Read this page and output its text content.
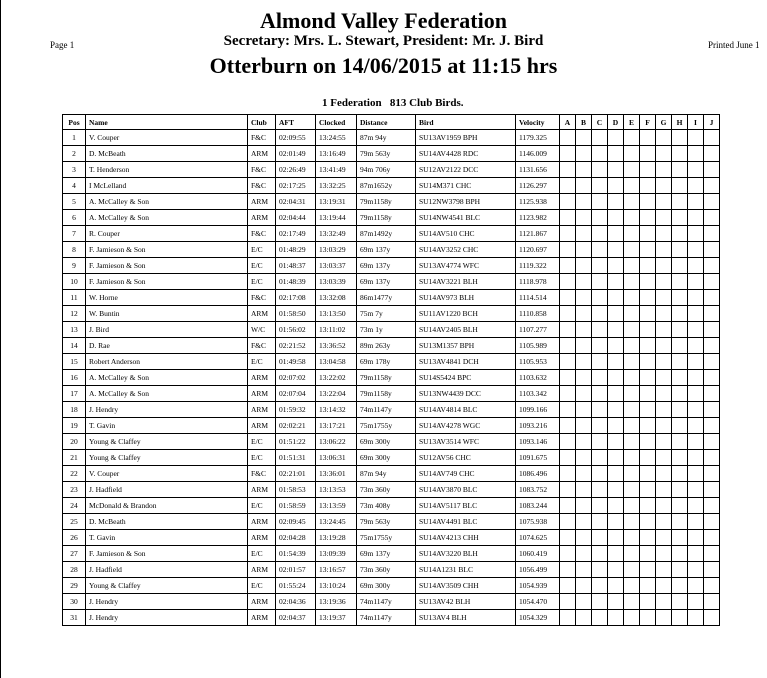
Almond Valley Federation
Secretary: Mrs. L. Stewart, President: Mr. J. Bird
Otterburn on 14/06/2015 at 11:15 hrs
Page 1	Printed June 1
1 Federation 813 Club Birds.
Pos	Name	Club	AFT	Clocked	Distance	Bird	Velocity	A	B	C	D	E	F	G	H	I	J
1	V. Couper	F&C	02:09:55	13:24:55	87m 94y	SU13AV1959 BPH	1179.325										
2	D. McBeath	ARM	02:01:49	13:16:49	79m 563y	SU14AV4428 RDC	1146.009										
3	T. Henderson	F&C	02:26:49	13:41:49	94m 706y	SU12AV2122 DCC	1131.656										
4	I McLelland	F&C	02:17:25	13:32:25	87m1652y	SU14M371 CHC	1126.297										
5	A. McCalley & Son	ARM	02:04:31	13:19:31	79m1158y	SU12NW3798 BPH	1125.938										
6	A. McCalley & Son	ARM	02:04:44	13:19:44	79m1158y	SU14NW4541 BLC	1123.982										
7	R. Couper	F&C	02:17:49	13:32:49	87m1492y	SU14AV510 CHC	1121.867										
8	F. Jamieson & Son	E/C	01:48:29	13:03:29	69m 137y	SU14AV3252 CHC	1120.697										
9	F. Jamieson & Son	E/C	01:48:37	13:03:37	69m 137y	SU13AV4774 WFC	1119.322										
10	F. Jamieson & Son	E/C	01:48:39	13:03:39	69m 137y	SU14AV3221 BLH	1118.978										
11	W. Horne	F&C	02:17:08	13:32:08	86m1477y	SU14AV973 BLH	1114.514										
12	W. Buntin	ARM	01:58:50	13:13:50	75m 7y	SU11AV1220 BCH	1110.858										
13	J. Bird	W/C	01:56:02	13:11:02	73m 1y	SU14AV2405 BLH	1107.277										
14	D. Rae	F&C	02:21:52	13:36:52	89m 263y	SU13M1357 BPH	1105.989										
15	Robert Anderson	E/C	01:49:58	13:04:58	69m 178y	SU13AV4841 DCH	1105.953										
16	A. McCalley & Son	ARM	02:07:02	13:22:02	79m1158y	SU14S5424 BPC	1103.632										
17	A. McCalley & Son	ARM	02:07:04	13:22:04	79m1158y	SU13NW4439 DCC	1103.342										
18	J. Hendry	ARM	01:59:32	13:14:32	74m1147y	SU14AV4814 BLC	1099.166										
19	T. Gavin	ARM	02:02:21	13:17:21	75m1755y	SU14AV4278 WGC	1093.216										
20	Young & Claffey	E/C	01:51:22	13:06:22	69m 300y	SU13AV3514 WFC	1093.146										
21	Young & Claffey	E/C	01:51:31	13:06:31	69m 300y	SU12AV56 CHC	1091.675										
22	V. Couper	F&C	02:21:01	13:36:01	87m 94y	SU14AV749 CHC	1086.496										
23	J. Hadfield	ARM	01:58:53	13:13:53	73m 360y	SU14AV3870 BLC	1083.752										
24	McDonald & Brandon	E/C	01:58:59	13:13:59	73m 408y	SU14AV5117 BLC	1083.244										
25	D. McBeath	ARM	02:09:45	13:24:45	79m 563y	SU14AV4491 BLC	1075.938										
26	T. Gavin	ARM	02:04:28	13:19:28	75m1755y	SU14AV4213 CHH	1074.625										
27	F. Jamieson & Son	E/C	01:54:39	13:09:39	69m 137y	SU14AV3220 BLH	1060.419										
28	J. Hadfield	ARM	02:01:57	13:16:57	73m 360y	SU14A1231 BLC	1056.499										
29	Young & Claffey	E/C	01:55:24	13:10:24	69m 300y	SU14AV3509 CHH	1054.939										
30	J. Hendry	ARM	02:04:36	13:19:36	74m1147y	SU13AV42 BLH	1054.470										
31	J. Hendry	ARM	02:04:37	13:19:37	74m1147y	SU13AV4 BLH	1054.329										
